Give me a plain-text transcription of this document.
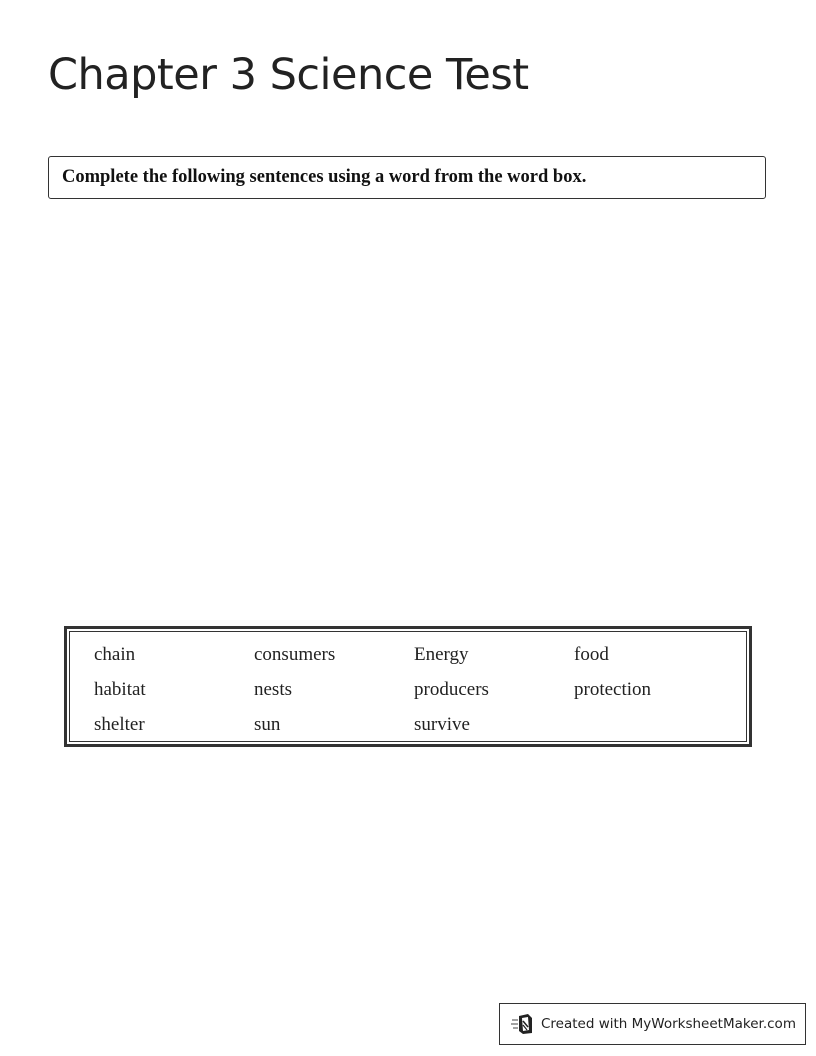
Chapter 3 Science Test
Complete the following sentences using a word from the word box.
chain	consumers	Energy	food
habitat	nests	producers	protection
shelter	sun	survive
Created with MyWorksheetMaker.com
